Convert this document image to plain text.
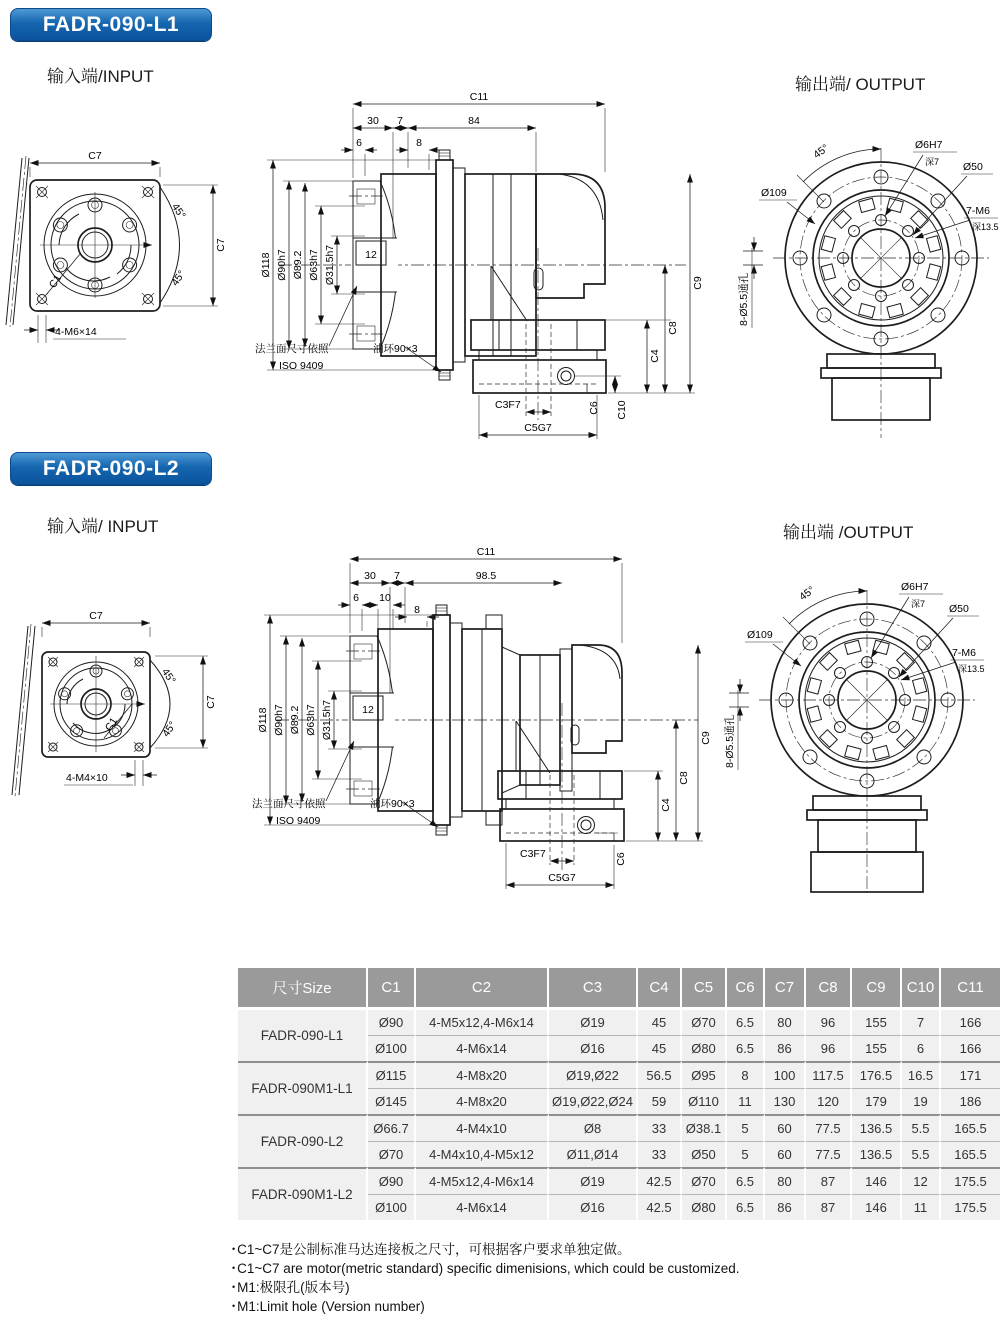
FADR-090-L1
输入端/INPUT	输出端/ OUTPUT
C7
C7
45°
45°
C1
4-M6×14
C11
30 7	84
6	8
Ø118 Ø90h7 Ø89.2 Ø63h7 Ø31.5h7	12
C9
C8
C4
C10
C6
C3F7
C5G7
法兰面尺寸依照
ISO 9409
油环90×3
45°	Ø6H7
深7 Ø50
Ø109
7-M6
深13.5
8-Ø5.5通孔
FADR-090-L2
输入端/ INPUT	输出端 /OUTPUT
C7
C7
45°
45°
C1
4-M4×10
C11
30 7	98.5
6 10
8
Ø118 Ø90h7 Ø89.2 Ø63h7 Ø31.5h7	12
C9
C8
C4
C6
C3F7
C5G7
法兰面尺寸依照
ISO 9409
油环90×3
45°	Ø6H7
深7 Ø50
Ø109
7-M6
深13.5
8-Ø5.5通孔
尺寸Size	C1	C2	C3	C4	C5	C6	C7	C8	C9	C10	C11
FADR-090-L1	Ø90	4-M5x12,4-M6x14	Ø19	45	Ø70	6.5	80	96	155	7	166
	Ø100	4-M6x14	Ø16	45	Ø80	6.5	86	96	155	6	166
FADR-090M1-L1	Ø115	4-M8x20	Ø19,Ø22	56.5	Ø95	8	100	117.5	176.5	16.5	171
	Ø145	4-M8x20	Ø19,Ø22,Ø24	59	Ø110	11	130	120	179	19	186
FADR-090-L2	Ø66.7	4-M4x10	Ø8	33	Ø38.1	5	60	77.5	136.5	5.5	165.5
	Ø70	4-M4x10,4-M5x12	Ø11,Ø14	33	Ø50	5	60	77.5	136.5	5.5	165.5
FADR-090M1-L2	Ø90	4-M5x12,4-M6x14	Ø19	42.5	Ø70	6.5	80	87	146	12	175.5
	Ø100	4-M6x14	Ø16	42.5	Ø80	6.5	86	87	146	11	175.5
• C1~C7是公制标准马达连接板之尺寸，可根据客户要求单独定做。
• C1~C7 are motor(metric standard) specific dimenisions, which could be customized.
• M1:极限孔(版本号)
• M1:Limit hole (Version number)
